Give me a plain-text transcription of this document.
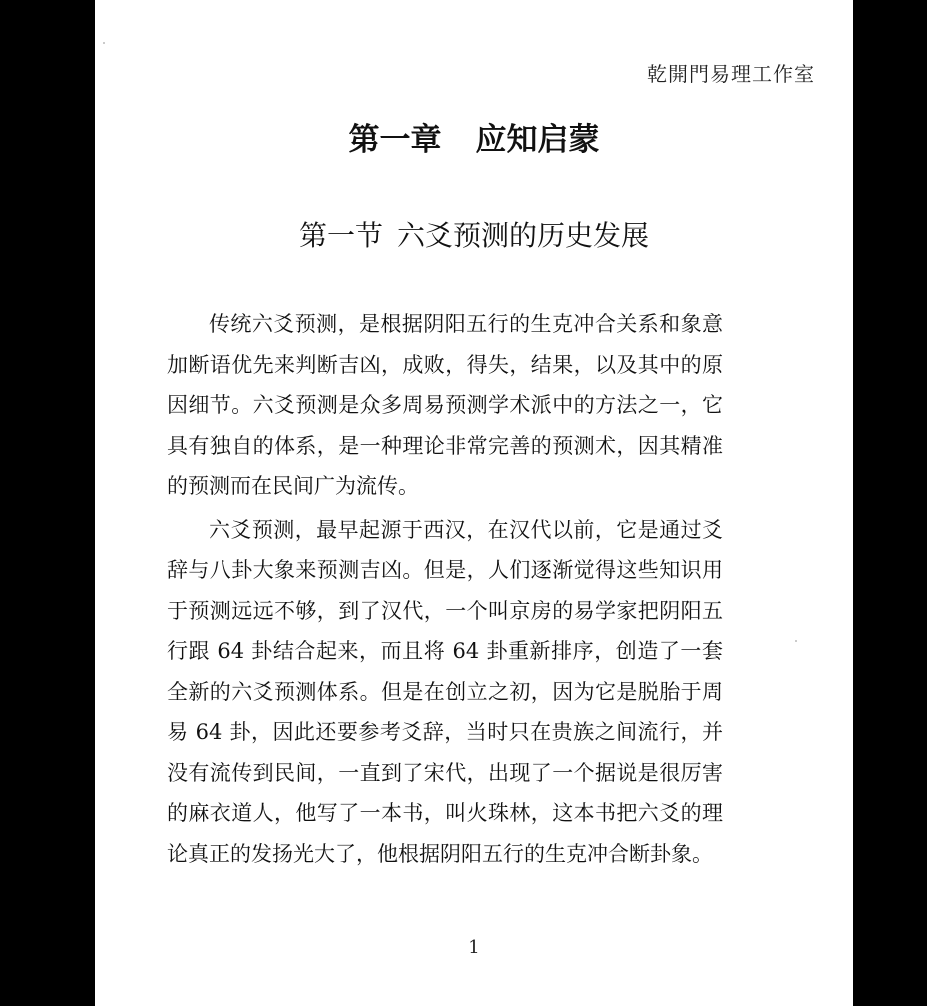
乾開門易理工作室
第一章 应知启蒙
第一节 六爻预测的历史发展

传统六爻预测，是根据阴阳五行的生克冲合关系和象意加断语优先来判断吉凶，成败，得失，结果，以及其中的原因细节。六爻预测是众多周易预测学术派中的方法之一，它具有独自的体系，是一种理论非常完善的预测术，因其精准的预测而在民间广为流传。

六爻预测，最早起源于西汉，在汉代以前，它是通过爻辞与八卦大象来预测吉凶。但是，人们逐渐觉得这些知识用于预测远远不够，到了汉代，一个叫京房的易学家把阴阳五行跟 64 卦结合起来，而且将 64 卦重新排序，创造了一套全新的六爻预测体系。但是在创立之初，因为它是脱胎于周易 64 卦，因此还要参考爻辞，当时只在贵族之间流行，并没有流传到民间，一直到了宋代，出现了一个据说是很厉害的麻衣道人，他写了一本书，叫火珠林，这本书把六爻的理论真正的发扬光大了，他根据阴阳五行的生克冲合断卦象。

1
